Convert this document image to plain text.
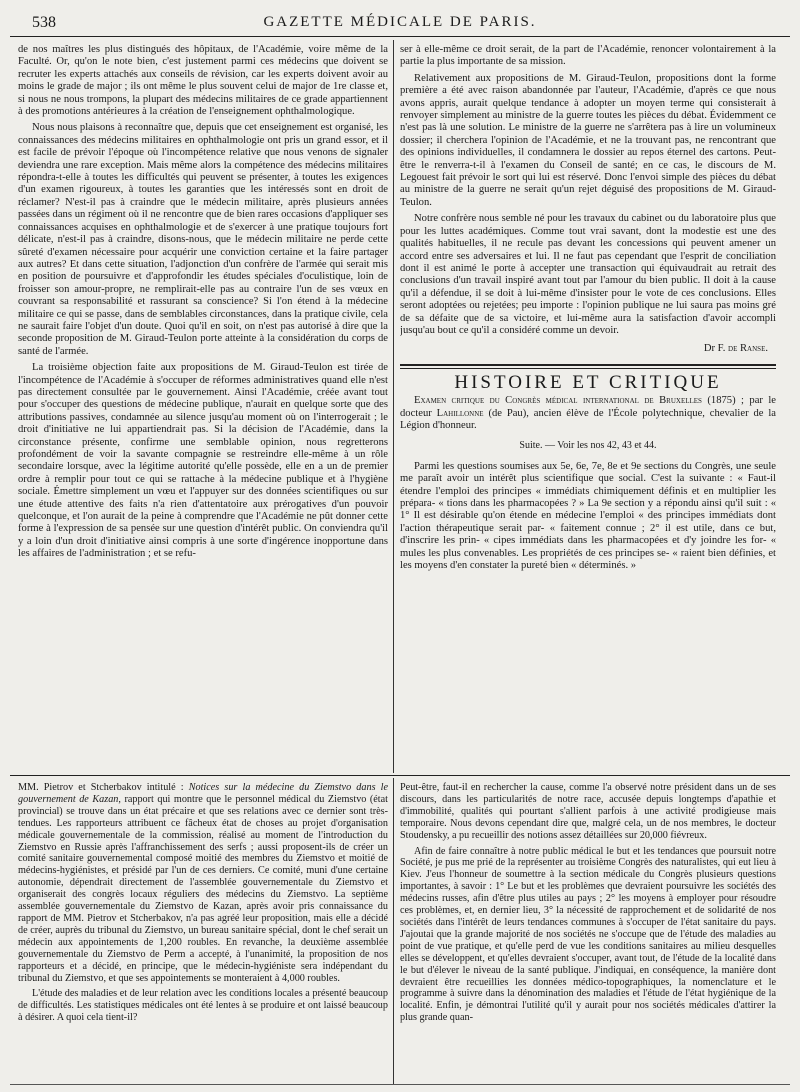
538	GAZETTE MÉDICALE DE PARIS.

de nos maîtres les plus distingués des hôpitaux, de l'Académie, voire même de la Faculté. Or, qu'on le note bien, c'est justement parmi ces médecins que doivent se recruter les experts attachés aux conseils de révision, car les experts doivent avoir au moins le grade de major ; ils ont même le plus souvent celui de major de 1re classe et, si nous ne nous trompons, la plupart des médecins militaires de ce grade appartiennent à des promotions antérieures à la création de l'enseignement ophthalmologique.

Nous nous plaisons à reconnaître que, depuis que cet enseignement est organisé, les connaissances des médecins militaires en ophthalmologie ont pris un grand essor, et il est facile de prévoir l'époque où l'incompétence relative que nous venons de signaler deviendra une rare exception. Mais même alors la compétence des médecins militaires répondra-t-elle à toutes les difficultés qui peuvent se présenter, à toutes les exigences d'un examen rigoureux, à toutes les garanties que les intéressés sont en droit de réclamer? N'est-il pas à craindre que le médecin militaire, après plusieurs années passées dans un régiment où il ne rencontre que de bien rares occasions d'appliquer ses connaissances acquises en ophthalmologie et de s'exercer à une pratique toujours fort délicate, n'est-il pas à craindre, disons-nous, que le médecin militaire ne perde cette sûreté d'examen nécessaire pour acquérir une conviction certaine et la faire partager aux autres? Et dans cette situation, l'adjonction d'un confrère de l'armée qui serait mis en position de poursuivre et d'approfondir les études spéciales d'oculistique, loin de froisser son amour-propre, ne remplirait-elle pas au contraire l'un de ses vœux en couvrant sa responsabilité et rassurant sa conscience? Si l'on étend à la médecine militaire ce qui se passe, dans de semblables circonstances, dans la pratique civile, cela ne saurait faire l'objet d'un doute. Quoi qu'il en soit, on n'est pas autorisé à dire que la seconde proposition de M. Giraud-Teulon porte atteinte à la considération du corps de santé de l'armée.

La troisième objection faite aux propositions de M. Giraud-Teulon est tirée de l'incompétence de l'Académie à s'occuper de réformes administratives quand elle n'est pas directement consultée par le gouvernement. Ainsi l'Académie, créée avant tout pour s'occuper des questions de médecine publique, n'aurait en quelque sorte que des attributions passives, condamnée au silence jusqu'au moment où on l'interrogerait ; le droit d'initiative ne lui appartiendrait pas. Si la décision de l'Académie, dans la circonstance présente, confirme une semblable opinion, nous regretterons profondément de voir la savante compagnie se restreindre elle-même à un rôle secondaire lorsque, avec la légitime autorité qu'elle possède, elle en a un de premier ordre à remplir pour tout ce qui se rattache à la médecine publique et à l'hygiène sociale. Émettre simplement un vœu et l'appuyer sur des données scientifiques ou sur une étude attentive des faits n'a rien d'attentatoire aux prérogatives d'un pouvoir quelconque, et l'on aurait de la peine à comprendre que l'Académie ne pût donner cette forme à l'expression de sa pensée sur une question d'intérêt public. On conviendra qu'il y a loin d'un droit d'initiative ainsi compris à une sorte d'ingérence inopportune dans les affaires de l'administration ; et se refu-

ser à elle-même ce droit serait, de la part de l'Académie, renoncer volontairement à la partie la plus importante de sa mission.

Relativement aux propositions de M. Giraud-Teulon, propositions dont la forme première a été avec raison abandonnée par l'auteur, l'Académie, d'après ce que nous avons appris, aurait quelque tendance à adopter un moyen terme qui consisterait à renvoyer simplement au ministre de la guerre toutes les pièces du débat. Évidemment ce n'est pas là une solution. Le ministre de la guerre ne s'arrêtera pas à lire un volumineux dossier; il cherchera l'opinion de l'Académie, et ne la trouvant pas, ne rencontrant que des opinions individuelles, il condamnera le dossier au repos éternel des cartons. Peut-être le renverra-t-il à l'examen du Conseil de santé; en ce cas, le discours de M. Legouest fait prévoir le sort qui lui est réservé. Donc l'envoi simple des pièces du débat au ministre de la guerre ne serait qu'un rejet déguisé des propositions de M. Giraud-Teulon.

Notre confrère nous semble né pour les travaux du cabinet ou du laboratoire plus que pour les luttes académiques. Comme tout vrai savant, dont la modestie est une des qualités habituelles, il ne recule pas devant les concessions qui peuvent amener un accord entre ses adversaires et lui. Il ne faut pas cependant que l'esprit de conciliation dont il est animé le porte à accepter une transaction qui équivaudrait au retrait des conclusions d'un travail inspiré avant tout par l'amour du bien public. Il doit à la cause qu'il a défendue, il se doit à lui-même d'insister pour le vote de ces conclusions. Elles seront adoptées ou rejetées; peu importe : l'opinion publique ne lui saura pas moins gré de sa défaite que de sa victoire, et lui-même aura la satisfaction d'avoir accompli jusqu'au bout ce qu'il a considéré comme un devoir.

Dr F. de Ranse.
HISTOIRE ET CRITIQUE

Examen critique du Congrès médical international de Bruxelles (1875) ; par le docteur Lahillonne (de Pau), ancien élève de l'École polytechnique, chevalier de la Légion d'honneur.

Suite. — Voir les nos 42, 43 et 44.

Parmi les questions soumises aux 5e, 6e, 7e, 8e et 9e sections du Congrès, une seule me paraît avoir un intérêt plus scientifique que social. C'est la suivante : « Faut-il étendre l'emploi des principes « immédiats chimiquement définis et en multiplier les prépara- « tions dans les pharmacopées ? » La 9e section y a répondu ainsi qu'il suit : « 1° Il est désirable qu'on étende en médecine l'emploi « des principes immédiats dont l'action thérapeutique serait par- « faitement connue ; 2° il est utile, dans ce but, d'inscrire les prin- « cipes immédiats dans les pharmacopées et d'y joindre les for- « mules les plus convenables. Les propriétés de ces principes se- « raient bien définies, et les moyens d'en constater la pureté bien « déterminés. »

MM. Pietrov et Stcherbakov intitulé : Notices sur la médecine du Ziemstvo dans le gouvernement de Kazan, rapport qui montre que le personnel médical du Ziemstvo (état provincial) se trouve dans un état précaire et que ses relations avec ce dernier sont très-tendues. Les rapporteurs attribuent ce fâcheux état de choses au projet d'organisation médicale gouvernementale de la commission, réalisé au moment de l'introduction du Ziemstvo en Russie après l'affranchissement des serfs ; aussi proposent-ils de créer un comité sanitaire gouvernemental composé moitié des membres du Ziemstvo et moitié de médecins-hygiénistes, et présidé par l'un de ces derniers. Ce comité, muni d'une certaine autonomie, dépendrait directement de l'assemblée gouvernementale du Ziemstvo et organiserait des congrès locaux réguliers des médecins du Ziemstvo. La septième assemblée gouvernementale du Ziemstvo de Kazan, après avoir pris connaissance du rapport de MM. Pietrov et Stcherbakov, n'a pas agréé leur proposition, mais elle a décidé de créer, auprès du tribunal du Ziemstvo, un bureau sanitaire spécial, dont le chef serait un médecin aux appointements de 1,200 roubles. En revanche, la deuxième assemblée gouvernementale du Ziemstvo de Perm a accepté, à l'unanimité, la proposition de nos rapporteurs et a décidé, en principe, que le médecin-hygiéniste sera indépendant du tribunal du Ziemstvo, et que ses appointements se monteraient à 4,000 roubles.

L'étude des maladies et de leur relation avec les conditions locales a présenté beaucoup de difficultés. Les statistiques médicales ont été lentes à se produire et ont laissé beaucoup à désirer. A quoi cela tient-il?

Peut-être, faut-il en rechercher la cause, comme l'a observé notre président dans un de ses discours, dans les particularités de notre race, accusée depuis longtemps d'apathie et d'immobilité, qualités qui pourtant s'allient parfois à une activité prodigieuse mais temporaire. Nous devons cependant dire que, malgré cela, un de nos membres, le docteur Stoudensky, a pu recueillir des notions assez détaillées sur 20,000 fiévreux.

Afin de faire connaître à notre public médical le but et les tendances que poursuit notre Société, je pus me prié de la représenter au troisième Congrès des naturalistes, qui eut lieu à Kiev. J'eus l'honneur de soumettre à la section médicale du Congrès plusieurs questions importantes, à savoir : 1° Le but et les problèmes que devraient poursuivre les sociétés des médecins russes, afin d'être plus utiles au pays ; 2° les moyens à employer pour résoudre ces problèmes, et, en dernier lieu, 3° la nécessité de rapprochement et de solidarité de nos sociétés dans l'intérêt de leurs tendances communes à s'occuper de l'état sanitaire du pays. J'ajoutai que la grande majorité de nos sociétés ne s'occupe que de l'étude des maladies au point de vue pratique, et qu'elle perd de vue les conditions sanitaires au milieu desquelles elles se développent, et qu'elles devraient s'occuper, avant tout, de l'étude de la localité dans le but d'élever le niveau de la santé publique. J'indiquai, en conséquence, la manière dont devraient être recueillies les données médico-topographiques, la nomenclature et le programme à suivre dans la dénomination des maladies et l'étude de l'état hygiénique de la localité. Enfin, je démontrai l'utilité qu'il y aurait pour nos sociétés médicales d'attirer la plus grande quan-
